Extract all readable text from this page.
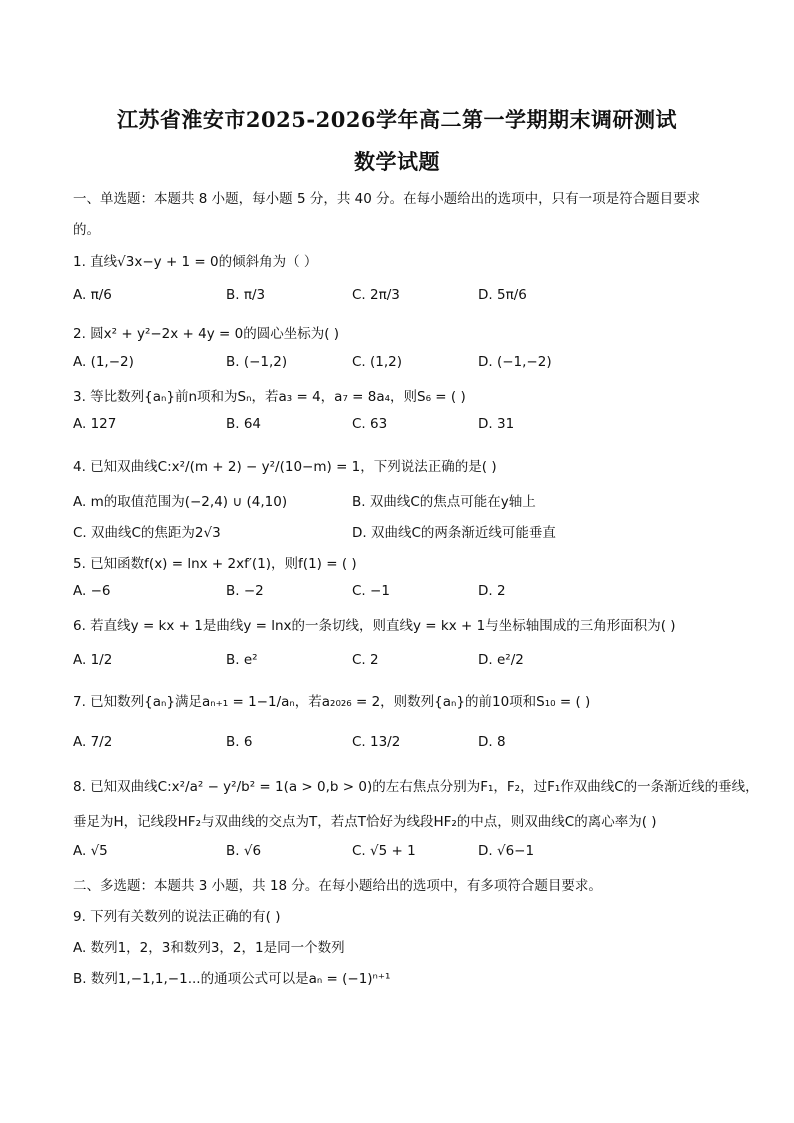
江苏省淮安市2025-2026学年高二第一学期期末调研测试
数学试题
一、单选题：本题共 8 小题，每小题 5 分，共 40 分。在每小题给出的选项中，只有一项是符合题目要求
的。
1. 直线√3x−y + 1 = 0的倾斜角为（ ）
A. π/6	B. π/3	C. 2π/3	D. 5π/6
2. 圆x² + y²−2x + 4y = 0的圆心坐标为( )
A. (1,−2)	B. (−1,2)	C. (1,2)	D. (−1,−2)
3. 等比数列{aₙ}前n项和为Sₙ，若a₃ = 4，a₇ = 8a₄，则S₆ = ( )
A. 127	B. 64	C. 63	D. 31
4. 已知双曲线C:x²/(m + 2) − y²/(10−m) = 1，下列说法正确的是( )
A. m的取值范围为(−2,4) ∪ (4,10)	B. 双曲线C的焦点可能在y轴上
C. 双曲线C的焦距为2√3	D. 双曲线C的两条渐近线可能垂直
5. 已知函数f(x) = lnx + 2xf′(1)，则f(1) = ( )
A. −6	B. −2	C. −1	D. 2
6. 若直线y = kx + 1是曲线y = lnx的一条切线，则直线y = kx + 1与坐标轴围成的三角形面积为( )
A. 1/2	B. e²	C. 2	D. e²/2
7. 已知数列{aₙ}满足aₙ₊₁ = 1−1/aₙ，若a₂₀₂₆ = 2，则数列{aₙ}的前10项和S₁₀ = ( )
A. 7/2	B. 6	C. 13/2	D. 8
8. 已知双曲线C:x²/a² − y²/b² = 1(a > 0,b > 0)的左右焦点分别为F₁，F₂，过F₁作双曲线C的一条渐近线的垂线，
垂足为H，记线段HF₂与双曲线的交点为T，若点T恰好为线段HF₂的中点，则双曲线C的离心率为( )
A. √5	B. √6	C. √5 + 1	D. √6−1
二、多选题：本题共 3 小题，共 18 分。在每小题给出的选项中，有多项符合题目要求。
9. 下列有关数列的说法正确的有( )
A. 数列1，2，3和数列3，2，1是同一个数列
B. 数列1,−1,1,−1...的通项公式可以是aₙ = (−1)ⁿ⁺¹
